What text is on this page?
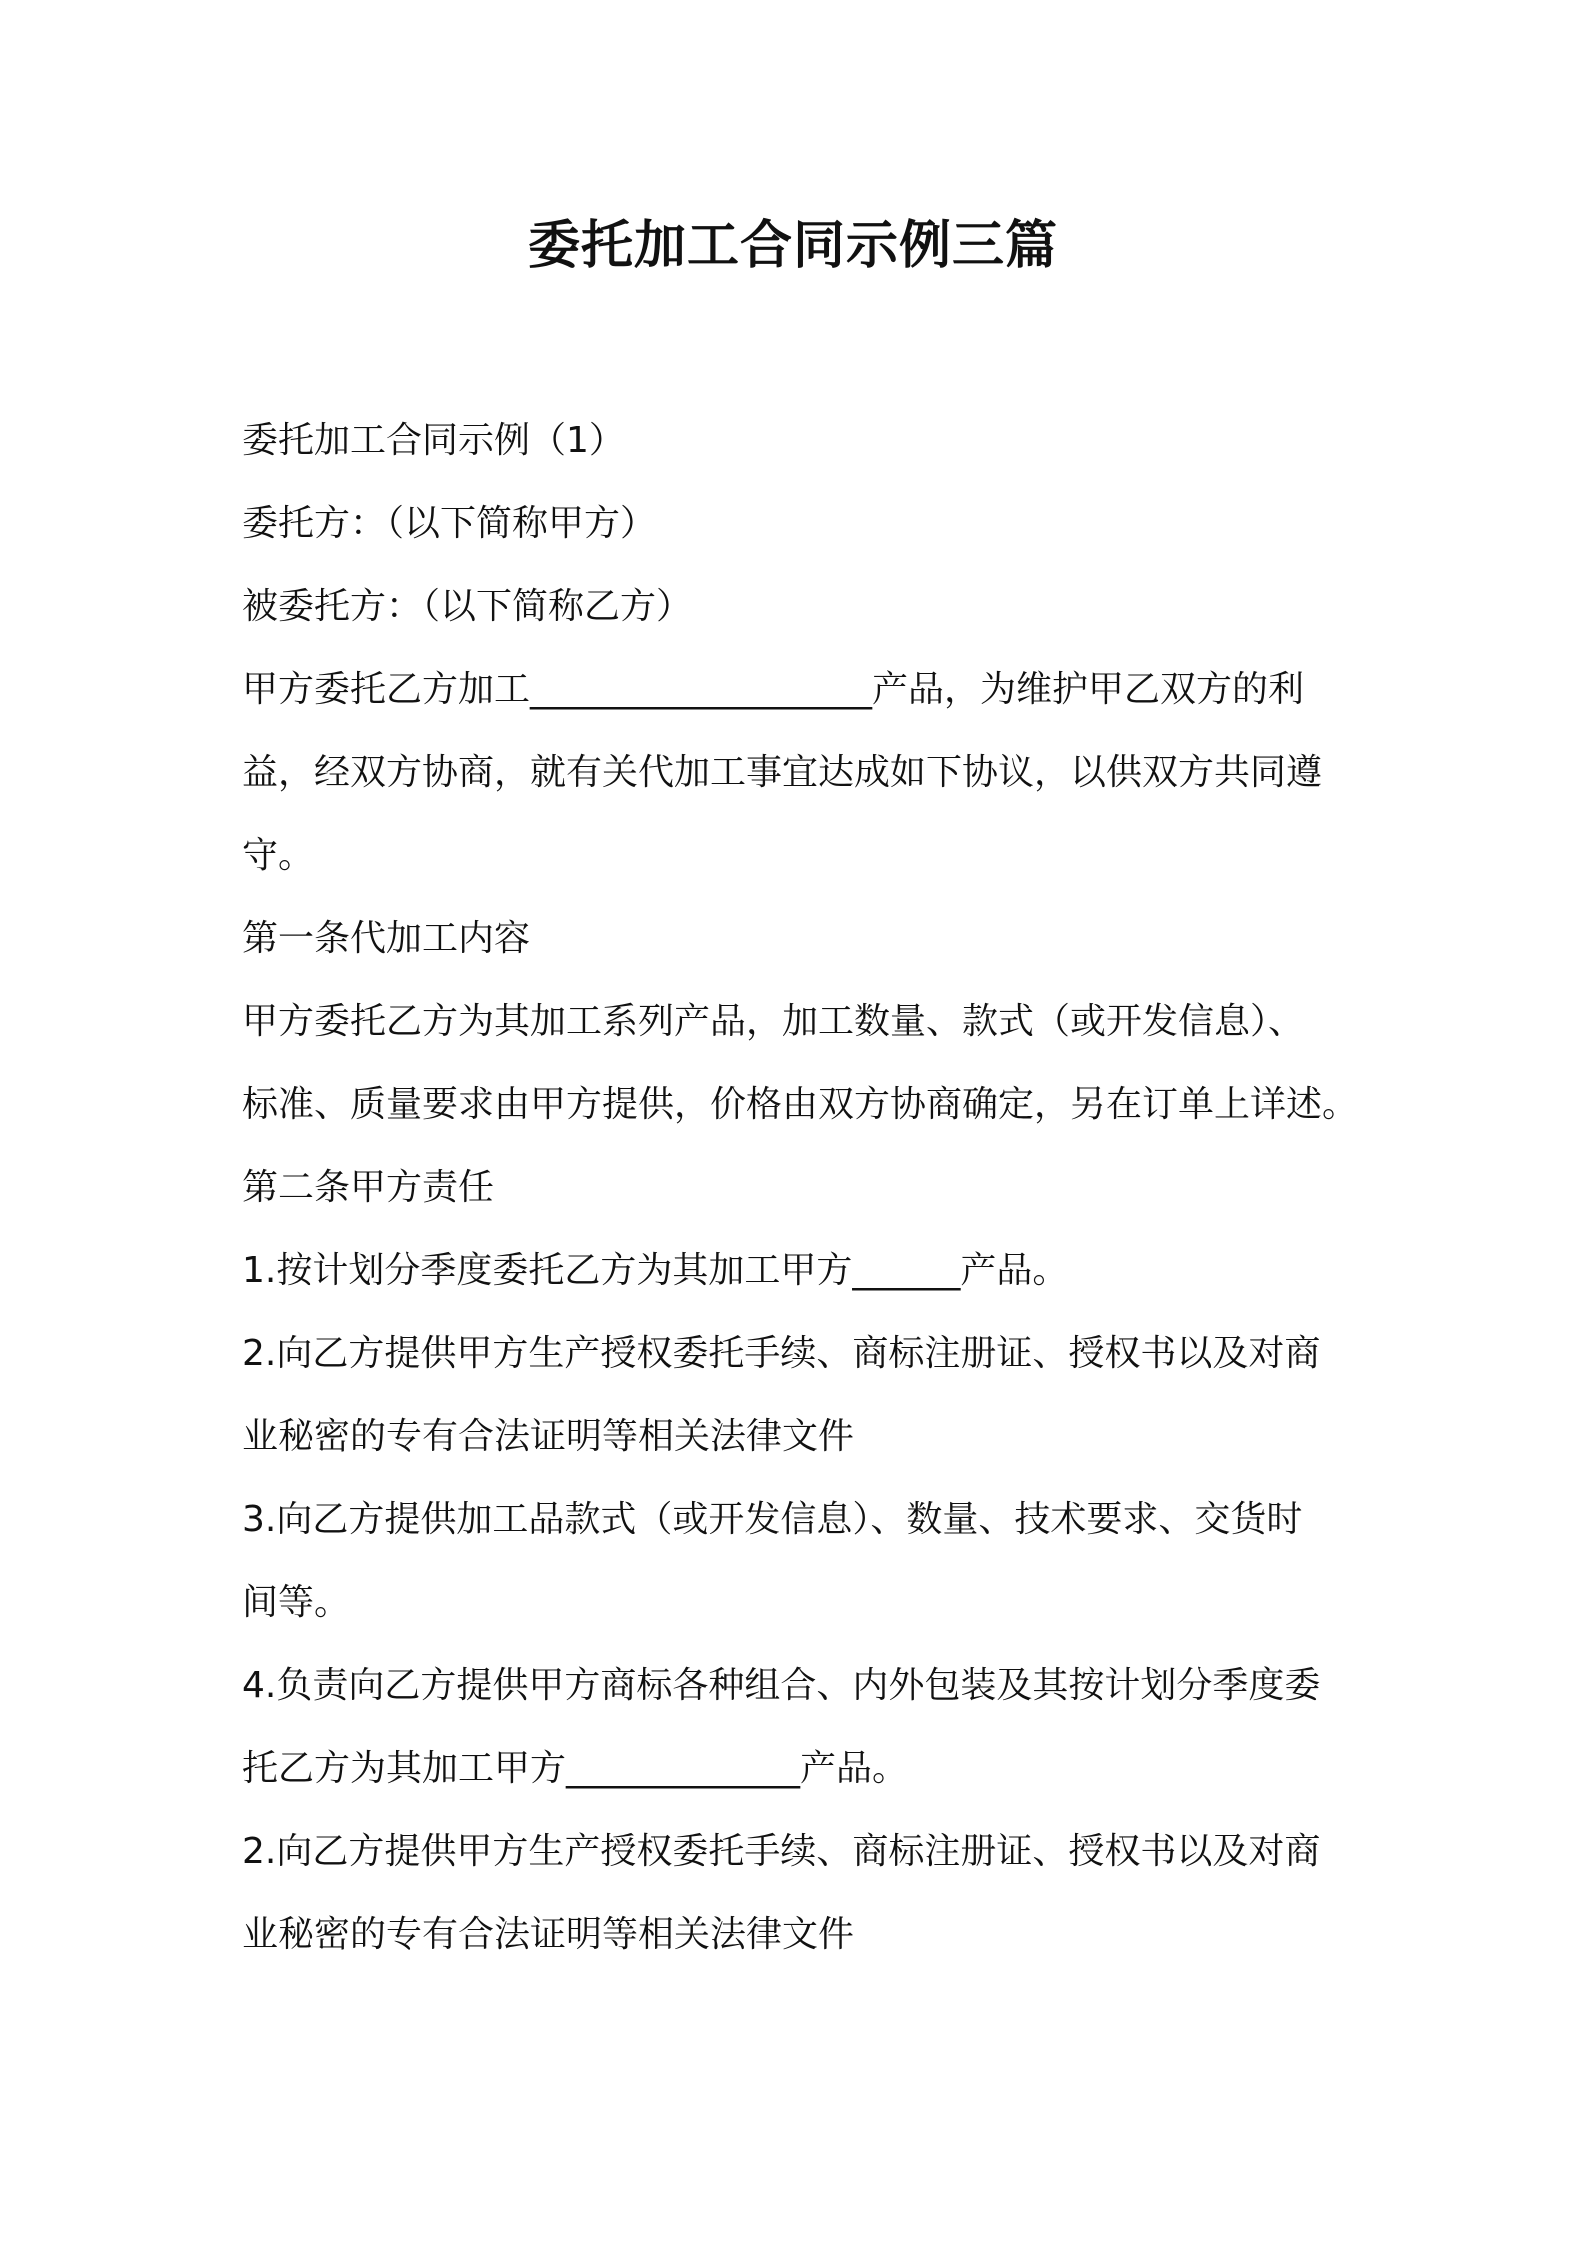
委托加工合同示例三篇
委托加工合同示例（1）
委托方：（以下简称甲方）
被委托方：（以下简称乙方）
甲方委托乙方加工___________________产品，为维护甲乙双方的利
益，经双方协商，就有关代加工事宜达成如下协议，以供双方共同遵
守。
第一条代加工内容
甲方委托乙方为其加工系列产品，加工数量、款式（或开发信息）、
标准、质量要求由甲方提供，价格由双方协商确定，另在订单上详述。
第二条甲方责任
1.按计划分季度委托乙方为其加工甲方______产品。
2.向乙方提供甲方生产授权委托手续、商标注册证、授权书以及对商
业秘密的专有合法证明等相关法律文件
3.向乙方提供加工品款式（或开发信息）、数量、技术要求、交货时
间等。
4.负责向乙方提供甲方商标各种组合、内外包装及其按计划分季度委
托乙方为其加工甲方_____________产品。
2.向乙方提供甲方生产授权委托手续、商标注册证、授权书以及对商
业秘密的专有合法证明等相关法律文件
